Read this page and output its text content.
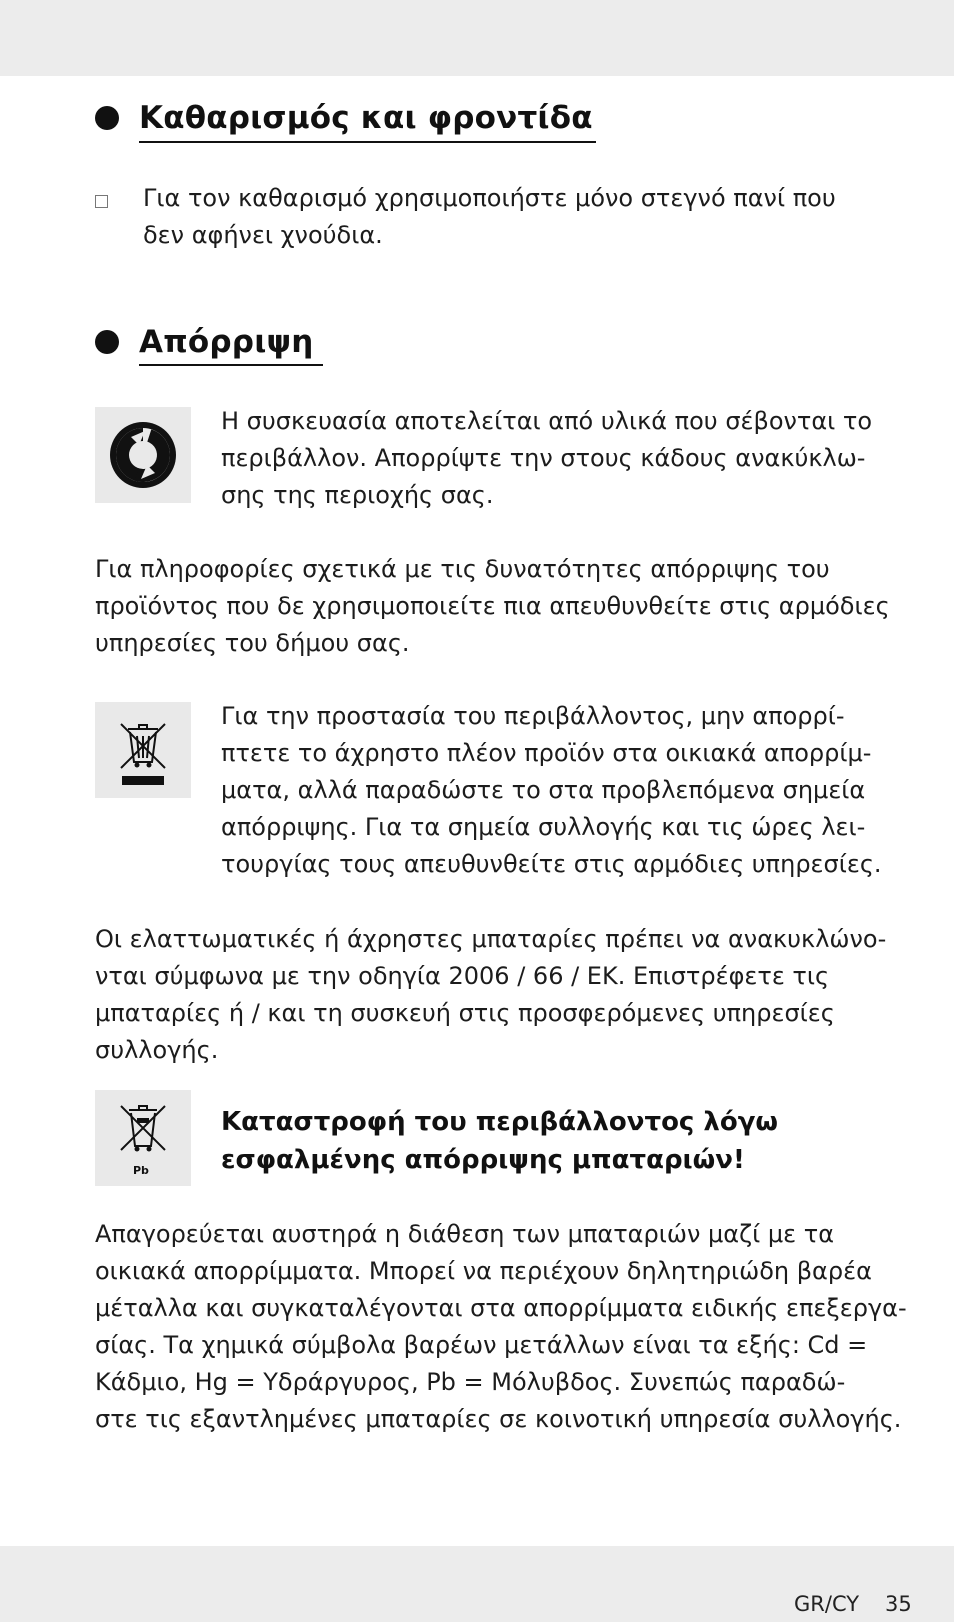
Καθαρισμός και φροντίδα
Για τον καθαρισμό χρησιμοποιήστε μόνο στεγνό πανί που
δεν αφήνει χνούδια.
Απόρριψη
Η συσκευασία αποτελείται από υλικά που σέβονται το
περιβάλλον. Απορρίψτε την στους κάδους ανακύκλω-
σης της περιοχής σας.
Για πληροφορίες σχετικά με τις δυνατότητες απόρριψης του
προϊόντος που δε χρησιμοποιείτε πια απευθυνθείτε στις αρμόδιες
υπηρεσίες του δήμου σας.
Για την προστασία του περιβάλλοντος, μην απορρί-
πτετε το άχρηστο πλέον προϊόν στα οικιακά απορρίμ-
ματα, αλλά παραδώστε το στα προβλεπόμενα σημεία
απόρριψης. Για τα σημεία συλλογής και τις ώρες λει-
τουργίας τους απευθυνθείτε στις αρμόδιες υπηρεσίες.
Οι ελαττωματικές ή άχρηστες μπαταρίες πρέπει να ανακυκλώνο-
νται σύμφωνα με την οδηγία 2006 / 66 / ΕΚ. Επιστρέφετε τις
μπαταρίες ή / και τη συσκευή στις προσφερόμενες υπηρεσίες
συλλογής.
Pb
Καταστροφή του περιβάλλοντος λόγω
εσφαλμένης απόρριψης μπαταριών!
Απαγορεύεται αυστηρά η διάθεση των μπαταριών μαζί με τα
οικιακά απορρίμματα. Μπορεί να περιέχουν δηλητηριώδη βαρέα
μέταλλα και συγκαταλέγονται στα απορρίμματα ειδικής επεξεργα-
σίας. Τα χημικά σύμβολα βαρέων μετάλλων είναι τα εξής: Cd =
Κάδμιο, Hg = Υδράργυρος, Pb = Μόλυβδος. Συνεπώς παραδώ-
στε τις εξαντλημένες μπαταρίες σε κοινοτική υπηρεσία συλλογής.
GR/CY 35
